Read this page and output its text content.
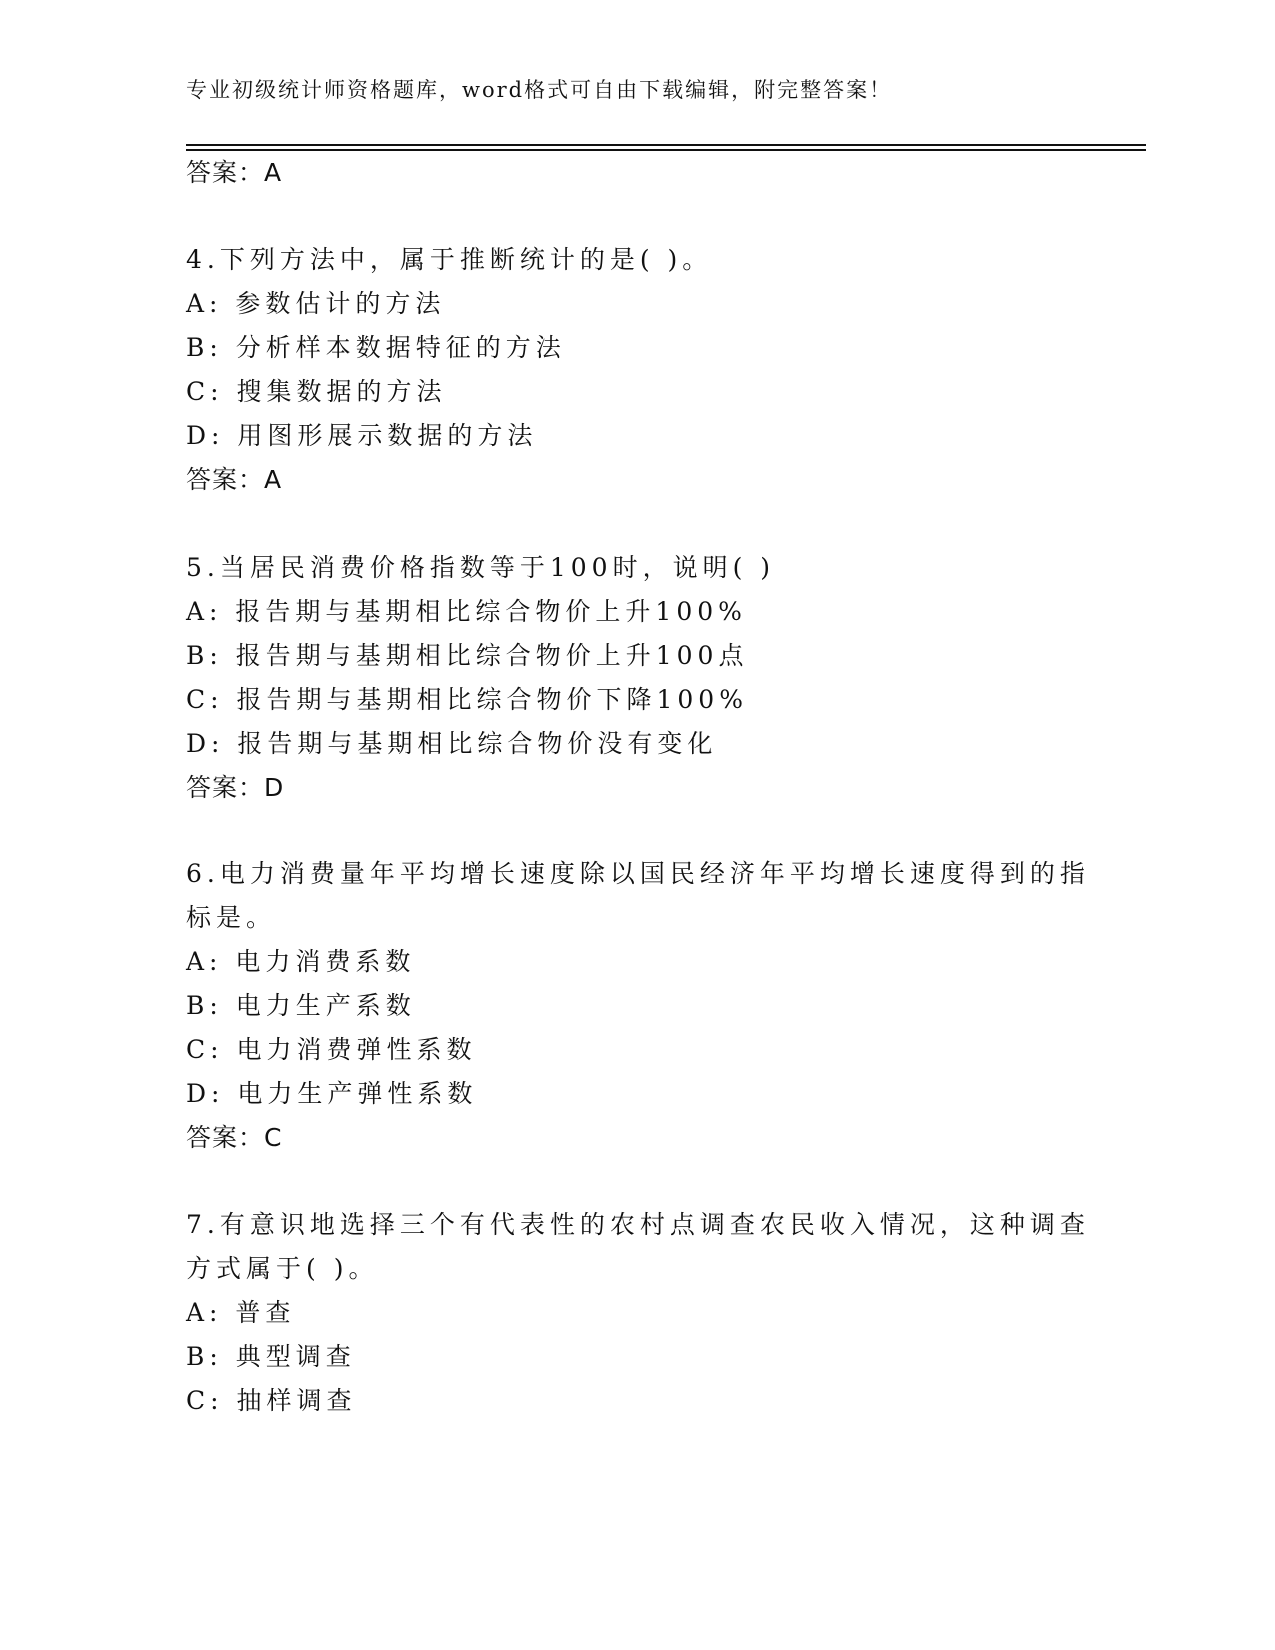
专业初级统计师资格题库，word格式可自由下载编辑，附完整答案！
答案：A
4.下列方法中，属于推断统计的是( )。
A: 参数估计的方法
B: 分析样本数据特征的方法
C: 搜集数据的方法
D: 用图形展示数据的方法
答案：A
5.当居民消费价格指数等于100时，说明( )
A: 报告期与基期相比综合物价上升100%
B: 报告期与基期相比综合物价上升100点
C: 报告期与基期相比综合物价下降100%
D: 报告期与基期相比综合物价没有变化
答案：D
6.电力消费量年平均增长速度除以国民经济年平均增长速度得到的指
标是。
A: 电力消费系数
B: 电力生产系数
C: 电力消费弹性系数
D: 电力生产弹性系数
答案：C
7.有意识地选择三个有代表性的农村点调查农民收入情况，这种调查
方式属于( )。
A: 普查
B: 典型调查
C: 抽样调查
